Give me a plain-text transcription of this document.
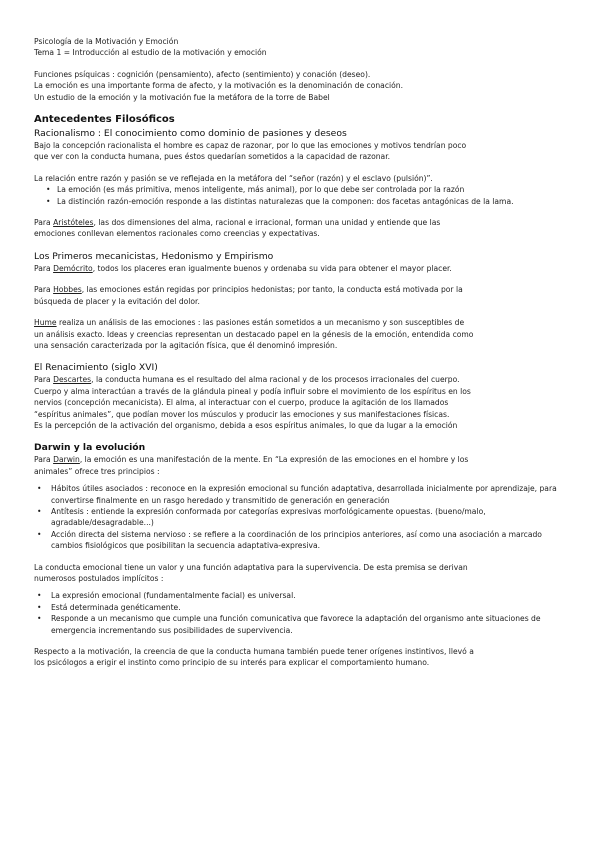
Psicología de la Motivación y Emoción

Tema 1 = Introducción al estudio de la motivación y emoción

Funciones psíquicas : cognición (pensamiento), afecto (sentimiento) y conación (deseo).

La emoción es una importante forma de afecto, y la motivación es la denominación de conación.

Un estudio de la emoción y la motivación fue la metáfora de la torre de Babel

Antecedentes Filosóficos
Racionalismo : El conocimiento como dominio de pasiones y deseos

Bajo la concepción racionalista el hombre es capaz de razonar, por lo que las emociones y motivos tendrían poco

que ver con la conducta humana, pues éstos quedarían sometidos a la capacidad de razonar.

La relación entre razón y pasión se ve reflejada en la metáfora del “señor (razón) y el esclavo (pulsión)”.

• La emoción (es más primitiva, menos inteligente, más animal), por lo que debe ser controlada por la razón
• La distinción razón-emoción responde a las distintas naturalezas que la componen: dos facetas antagónicas de la lama.

Para Aristóteles, las dos dimensiones del alma, racional e irracional, forman una unidad y entiende que las

emociones conllevan elementos racionales como creencias y expectativas.

Los Primeros mecanicistas, Hedonismo y Empirismo

Para Demócrito, todos los placeres eran igualmente buenos y ordenaba su vida para obtener el mayor placer.

Para Hobbes, las emociones están regidas por principios hedonistas; por tanto, la conducta está motivada por la

búsqueda de placer y la evitación del dolor.

Hume realiza un análisis de las emociones : las pasiones están sometidos a un mecanismo y son susceptibles de

un análisis exacto. Ideas y creencias representan un destacado papel en la génesis de la emoción, entendida como

una sensación caracterizada por la agitación física, que él denominó impresión.

El Renacimiento (siglo XVI)

Para Descartes, la conducta humana es el resultado del alma racional y de los procesos irracionales del cuerpo.

Cuerpo y alma interactúan a través de la glándula pineal y podía influir sobre el movimiento de los espíritus en los

nervios (concepción mecanicista). El alma, al interactuar con el cuerpo, produce la agitación de los llamados

“espíritus animales”, que podían mover los músculos y producir las emociones y sus manifestaciones físicas.

Es la percepción de la activación del organismo, debida a esos espíritus animales, lo que da lugar a la emoción

Darwin y la evolución

Para Darwin, la emoción es una manifestación de la mente. En “La expresión de las emociones en el hombre y los

animales” ofrece tres principios :

• Hábitos útiles asociados : reconoce en la expresión emocional su función adaptativa, desarrollada inicialmente por aprendizaje, para convertirse finalmente en un rasgo heredado y transmitido de generación en generación
• Antítesis : entiende la expresión conformada por categorías expresivas morfológicamente opuestas. (bueno/malo, agradable/desagradable...)
• Acción directa del sistema nervioso : se refiere a la coordinación de los principios anteriores, así como una asociación a marcado cambios fisiológicos que posibilitan la secuencia adaptativa-expresiva.

La conducta emocional tiene un valor y una función adaptativa para la supervivencia. De esta premisa se derivan

numerosos postulados implícitos :

• La expresión emocional (fundamentalmente facial) es universal.
• Está determinada genéticamente.
• Responde a un mecanismo que cumple una función comunicativa que favorece la adaptación del organismo ante situaciones de emergencia incrementando sus posibilidades de supervivencia.

Respecto a la motivación, la creencia de que la conducta humana también puede tener orígenes instintivos, llevó a

los psicólogos a erigir el instinto como principio de su interés para explicar el comportamiento humano.
